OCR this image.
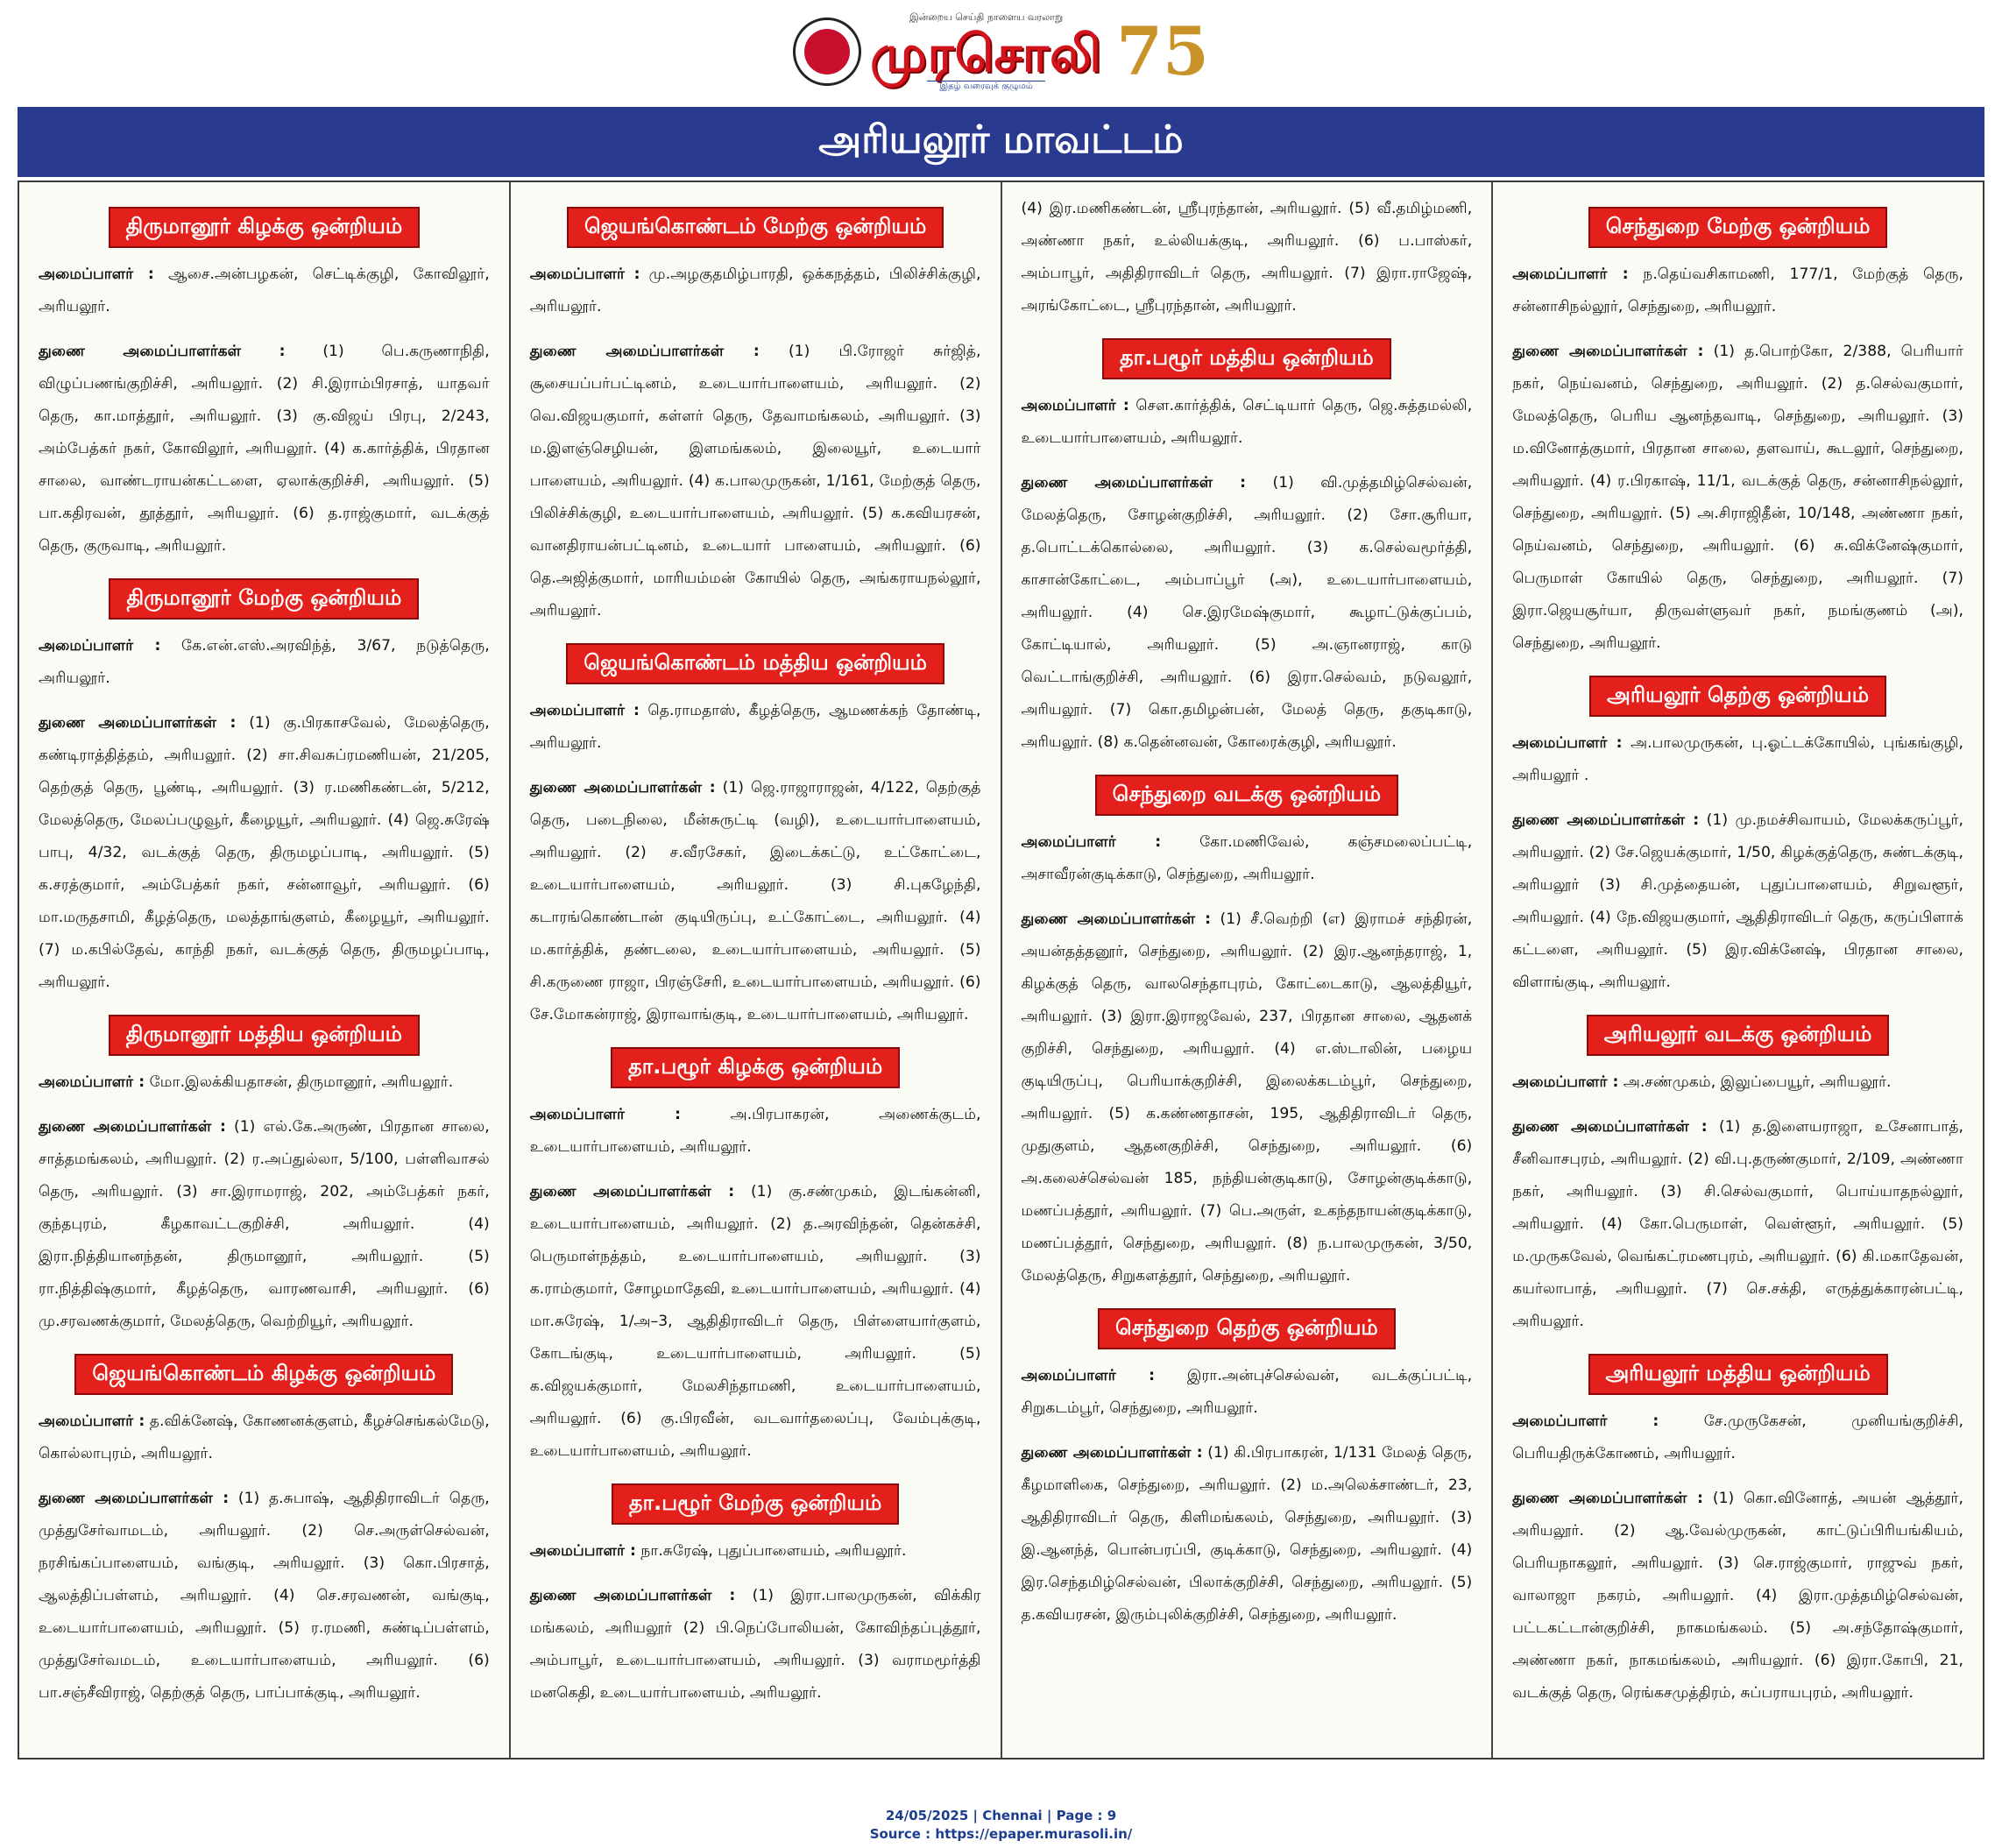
இன்றைய செய்தி நாளைய வரலாறு
முரசொலி
இதழ் வரைவுக் குழுமம் 75
அரியலூர் மாவட்டம்
திருமானூர் கிழக்கு ஒன்றியம்

அமைப்பாளர் : ஆசை.அன்பழகன், செட்டிக்குழி, கோவிலூர், அரியலூர்.

துணை அமைப்பாளர்கள் : (1) பெ.கருணாநிதி, விழுப்பணங்குறிச்சி, அரியலூர். (2) சி.இராம்பிரசாத், யாதவர் தெரு, கா.மாத்தூர், அரியலூர். (3) கு.விஜய் பிரபு, 2/243, அம்பேத்கர் நகர், கோவிலூர், அரியலூர். (4) க.கார்த்திக், பிரதான சாலை, வாண்டராயன்கட்டளை, ஏலாக்குறிச்சி, அரியலூர். (5) பா.கதிரவன், தூத்தூர், அரியலூர். (6) த.ராஜ்குமார், வடக்குத் தெரு, குருவாடி, அரியலூர்.

திருமானூர் மேற்கு ஒன்றியம்

அமைப்பாளர் : கே.என்.எஸ்.அரவிந்த், 3/67, நடுத்தெரு, அரியலூர்.

துணை அமைப்பாளர்கள் : (1) கு.பிரகாசவேல், மேலத்தெரு, கண்டிராத்தித்தம், அரியலூர். (2) சா.சிவசுப்ரமணியன், 21/205, தெற்குத் தெரு, பூண்டி, அரியலூர். (3) ர.மணிகண்டன், 5/212, மேலத்தெரு, மேலப்பழுவூர், கீழையூர், அரியலூர். (4) ஜெ.சுரேஷ் பாபு, 4/32, வடக்குத் தெரு, திருமழப்பாடி, அரியலூர். (5) க.சரத்குமார், அம்பேத்கர் நகர், சன்னாவூர், அரியலூர். (6) மா.மருதசாமி, கீழத்தெரு, மலத்தாங்குளம், கீழையூர், அரியலூர். (7) ம.கபில்தேவ், காந்தி நகர், வடக்குத் தெரு, திருமழப்பாடி, அரியலூர்.

திருமானூர் மத்திய ஒன்றியம்

அமைப்பாளர் : மோ.இலக்கியதாசன், திருமானூர், அரியலூர்.

துணை அமைப்பாளர்கள் : (1) எல்.கே.அருண், பிரதான சாலை, சாத்தமங்கலம், அரியலூர். (2) ர.அப்துல்லா, 5/100, பள்ளிவாசல் தெரு, அரியலூர். (3) சா.இராமராஜ், 202, அம்பேத்கர் நகர், குந்தபுரம், கீழகாவட்டகுறிச்சி, அரியலூர். (4) இரா.நித்தியானந்தன், திருமானூர், அரியலூர். (5) ரா.நித்திஷ்குமார், கீழத்தெரு, வாரணவாசி, அரியலூர். (6) மு.சரவணக்குமார், மேலத்தெரு, வெற்றியூர், அரியலூர்.

ஜெயங்கொண்டம் கிழக்கு ஒன்றியம்

அமைப்பாளர் : த.விக்னேஷ், கோணனக்குளம், கீழச்செங்கல்மேடு, கொல்லாபுரம், அரியலூர்.

துணை அமைப்பாளர்கள் : (1) த.சுபாஷ், ஆதிதிராவிடர் தெரு, முத்துசேர்வாமடம், அரியலூர். (2) செ.அருள்செல்வன், நரசிங்கப்பாளையம், வங்குடி, அரியலூர். (3) கொ.பிரசாத், ஆலத்திப்பள்ளம், அரியலூர். (4) செ.சரவணன், வங்குடி, உடையார்பாளையம், அரியலூர். (5) ர.ரமணி, சுண்டிப்பள்ளம், முத்துசேர்வமடம், உடையார்பாளையம், அரியலூர். (6) பா.சஞ்சீவிராஜ், தெற்குத் தெரு, பாப்பாக்குடி, அரியலூர்.

ஜெயங்கொண்டம் மேற்கு ஒன்றியம்

அமைப்பாளர் : மு.அழகுதமிழ்பாரதி, ஒக்கநத்தம், பிலிச்சிக்குழி, அரியலூர்.

துணை அமைப்பாளர்கள் : (1) பி.ரோஜர் சுர்ஜித், சூசையப்பர்பட்டினம், உடையார்பாளையம், அரியலூர். (2) வெ.விஜயகுமார், கள்ளர் தெரு, தேவாமங்கலம், அரியலூர். (3) ம.இளஞ்செழியன், இளமங்கலம், இலையூர், உடையார் பாளையம், அரியலூர். (4) க.பாலமுருகன், 1/161, மேற்குத் தெரு, பிலிச்சிக்குழி, உடையார்பாளையம், அரியலூர். (5) க.கவியரசன், வானதிராயன்பட்டினம், உடையார் பாளையம், அரியலூர். (6) தெ.அஜித்குமார், மாரியம்மன் கோயில் தெரு, அங்கராயநல்லூர், அரியலூர்.

ஜெயங்கொண்டம் மத்திய ஒன்றியம்

அமைப்பாளர் : தெ.ராமதாஸ், கீழத்தெரு, ஆமணக்கந் தோண்டி, அரியலூர்.

துணை அமைப்பாளர்கள் : (1) ஜெ.ராஜாராஜன், 4/122, தெற்குத் தெரு, படைநிலை, மீன்சுருட்டி (வழி), உடையார்பாளையம், அரியலூர். (2) ச.வீரசேகர், இடைக்கட்டு, உட்கோட்டை, உடையார்பாளையம், அரியலூர். (3) சி.புகழேந்தி, கடாரங்கொண்டான் குடியிருப்பு, உட்கோட்டை, அரியலூர். (4) ம.கார்த்திக், தண்டலை, உடையார்பாளையம், அரியலூர். (5) சி.கருணை ராஜா, பிரஞ்சேரி, உடையார்பாளையம், அரியலூர். (6) சே.மோகன்ராஜ், இராவாங்குடி, உடையார்பாளையம், அரியலூர்.

தா.பழூர் கிழக்கு ஒன்றியம்

அமைப்பாளர் :	அ.பிரபாகரன், அணைக்குடம், உடையார்பாளையம், அரியலூர்.

துணை அமைப்பாளர்கள் : (1) கு.சண்முகம், இடங்கன்னி, உடையார்பாளையம், அரியலூர். (2) த.அரவிந்தன், தென்கச்சி, பெருமாள்நத்தம், உடையார்பாளையம், அரியலூர். (3) க.ராம்குமார், சோழமாதேவி, உடையார்பாளையம், அரியலூர். (4) மா.சுரேஷ், 1/அ–3, ஆதிதிராவிடர் தெரு, பிள்ளையார்குளம், கோடங்குடி, உடையார்பாளையம், அரியலூர். (5) க.விஜயக்குமார், மேலசிந்தாமணி, உடையார்பாளையம், அரியலூர். (6) கு.பிரவீன், வடவார்தலைப்பு, வேம்புக்குடி, உடையார்பாளையம், அரியலூர்.

தா.பழூர் மேற்கு ஒன்றியம்

அமைப்பாளர் : நா.சுரேஷ், புதுப்பாளையம், அரியலூர்.

துணை அமைப்பாளர்கள் : (1) இரா.பாலமுருகன், விக்கிர மங்கலம், அரியலூர் (2) பி.நெப்போலியன், கோவிந்தப்புத்தூர், அம்பாபூர், உடையார்பாளையம், அரியலூர். (3) வராமமூர்த்தி மனகெதி, உடையார்பாளையம், அரியலூர்.

(4) இர.மணிகண்டன், ஸ்ரீபுரந்தான், அரியலூர். (5) வீ.தமிழ்மணி, அண்ணா நகர், உல்லியக்குடி, அரியலூர். (6) ப.பாஸ்கர், அம்பாபூர், அதிதிராவிடர் தெரு, அரியலூர். (7) இரா.ராஜேஷ், அரங்கோட்டை, ஸ்ரீபுரந்தான், அரியலூர்.

தா.பழூர் மத்திய ஒன்றியம்

அமைப்பாளர் : செள.கார்த்திக், செட்டியார் தெரு, ஜெ.சுத்தமல்லி, உடையார்பாளையம், அரியலூர்.

துணை அமைப்பாளர்கள் : (1) வி.முத்தமிழ்செல்வன், மேலத்தெரு, சோழன்குறிச்சி, அரியலூர். (2) சோ.சூரியா, த.பொட்டக்கொல்லை, அரியலூர். (3) க.செல்வமூர்த்தி, காசான்கோட்டை, அம்பாப்பூர் (அ), உடையார்பாளையம், அரியலூர். (4) செ.இரமேஷ்குமார், கூழாட்டுக்குப்பம், கோட்டியால், அரியலூர். (5) அ.ஞானராஜ், காடு வெட்டாங்குறிச்சி, அரியலூர். (6) இரா.செல்வம், நடுவலூர், அரியலூர். (7) கொ.தமிழன்பன், மேலத் தெரு, தகுடிகாடு, அரியலூர். (8) க.தென்னவன், கோரைக்குழி, அரியலூர்.

செந்துறை வடக்கு ஒன்றியம்

அமைப்பாளர் :	கோ.மணிவேல், கஞ்சமலைப்பட்டி, அசாவீரன்குடிக்காடு, செந்துறை, அரியலூர்.

துணை அமைப்பாளர்கள் : (1) சீ.வெற்றி (எ) இராமச் சந்திரன், அயன்தத்தனூர், செந்துறை, அரியலூர். (2) இர.ஆனந்தராஜ், 1, கிழக்குத் தெரு, வாலசெந்தாபுரம், கோட்டைகாடு, ஆலத்தியூர், அரியலூர். (3) இரா.இராஜவேல், 237, பிரதான சாலை, ஆதனக் குறிச்சி, செந்துறை, அரியலூர். (4) எ.ஸ்டாலின், பழைய குடியிருப்பு, பெரியாக்குறிச்சி, இலைக்கடம்பூர், செந்துறை, அரியலூர். (5) க.கண்ணதாசன், 195, ஆதிதிராவிடர் தெரு, முதுகுளம், ஆதனகுறிச்சி, செந்துறை, அரியலூர். (6) அ.கலைச்செல்வன் 185, நந்தியன்குடிகாடு, சோழன்குடிக்காடு, மணப்பத்தூர், அரியலூர். (7) பெ.அருள், உகந்தநாயன்குடிக்காடு, மணப்பத்தூர், செந்துறை, அரியலூர். (8) ந.பாலமுருகன், 3/50, மேலத்தெரு, சிறுகளத்தூர், செந்துறை, அரியலூர்.

செந்துறை தெற்கு ஒன்றியம்

அமைப்பாளர் : இரா.அன்புச்செல்வன், வடக்குப்பட்டி, சிறுகடம்பூர், செந்துறை, அரியலூர்.

துணை அமைப்பாளர்கள் : (1) கி.பிரபாகரன், 1/131 மேலத் தெரு, கீழமாளிகை, செந்துறை, அரியலூர். (2) ம.அலெக்சாண்டர், 23, ஆதிதிராவிடர் தெரு, கிளிமங்கலம், செந்துறை, அரியலூர். (3) இ.ஆனந்த், பொன்பரப்பி, குடிக்காடு, செந்துறை, அரியலூர். (4) இர.செந்தமிழ்செல்வன், பிலாக்குறிச்சி, செந்துறை, அரியலூர். (5) த.கவியரசன், இரும்புலிக்குறிச்சி, செந்துறை, அரியலூர்.

செந்துறை மேற்கு ஒன்றியம்

அமைப்பாளர் : ந.தெய்வசிகாமணி, 177/1, மேற்குத் தெரு, சன்னாசிநல்லூர், செந்துறை, அரியலூர்.

துணை அமைப்பாளர்கள் : (1) த.பொற்கோ, 2/388, பெரியார் நகர், நெய்வனம், செந்துறை, அரியலூர். (2) த.செல்வகுமார், மேலத்தெரு, பெரிய ஆனந்தவாடி, செந்துறை, அரியலூர். (3) ம.வினோத்குமார், பிரதான சாலை, தளவாய், கூடலூர், செந்துறை, அரியலூர். (4) ர.பிரகாஷ், 11/1, வடக்குத் தெரு, சன்னாசிநல்லூர், செந்துறை, அரியலூர். (5) அ.சிராஜிதீன், 10/148, அண்ணா நகர், நெய்வனம், செந்துறை, அரியலூர். (6) சு.விக்னேஷ்குமார், பெருமாள் கோயில் தெரு, செந்துறை, அரியலூர். (7) இரா.ஜெயசூர்யா, திருவள்ளுவர் நகர், நமங்குணம் (அ), செந்துறை, அரியலூர்.

அரியலூர் தெற்கு ஒன்றியம்

அமைப்பாளர் : அ.பாலமுருகன், பு.ஓட்டக்கோயில், புங்கங்குழி, அரியலூர் .

துணை அமைப்பாளர்கள் : (1) மு.நமச்சிவாயம், மேலக்கருப்பூர், அரியலூர். (2) சே.ஜெயக்குமார், 1/50, கிழக்குத்தெரு, சுண்டக்குடி, அரியலூர் (3) சி.முத்தையன், புதுப்பாளையம், சிறுவளூர், அரியலூர். (4) நே.விஜயகுமார், ஆதிதிராவிடர் தெரு, கருப்பிளாக் கட்டளை, அரியலூர். (5) இர.விக்னேஷ், பிரதான சாலை, விளாங்குடி, அரியலூர்.

அரியலூர் வடக்கு ஒன்றியம்

அமைப்பாளர் : அ.சண்முகம், இலுப்பையூர், அரியலூர்.

துணை அமைப்பாளர்கள் : (1) த.இளையராஜா, உசேனாபாத், சீனிவாசபுரம், அரியலூர். (2) வி.பு.தருண்குமார், 2/109, அண்ணா நகர், அரியலூர். (3) சி.செல்வகுமார், பொய்யாதநல்லூர், அரியலூர். (4) கோ.பெருமாள், வெள்ளூர், அரியலூர். (5) ம.முருகவேல், வெங்கட்ரமணபுரம், அரியலூர். (6) கி.மகாதேவன், கயர்லாபாத், அரியலூர். (7) செ.சக்தி, எருத்துக்காரன்பட்டி, அரியலூர்.

அரியலூர் மத்திய ஒன்றியம்

அமைப்பாளர் :	சே.முருகேசன், முனியங்குறிச்சி, பெரியதிருக்கோணம், அரியலூர்.

துணை அமைப்பாளர்கள் : (1) கொ.வினோத், அயன் ஆத்தூர், அரியலூர். (2) ஆ.வேல்முருகன், காட்டுப்பிரியங்கியம், பெரியநாகலூர், அரியலூர். (3) செ.ராஜ்குமார், ராஜுவ் நகர், வாலாஜா நகரம், அரியலூர். (4) இரா.முத்தமிழ்செல்வன், பட்டகட்டான்குறிச்சி, நாகமங்கலம். (5) அ.சந்தோஷ்குமார், அண்ணா நகர், நாகமங்கலம், அரியலூர். (6) இரா.கோபி, 21, வடக்குத் தெரு, ரெங்கசமுத்திரம், சுப்பராயபுரம், அரியலூர்.

24/05/2025 | Chennai | Page : 9
Source : https://epaper.murasoli.in/
